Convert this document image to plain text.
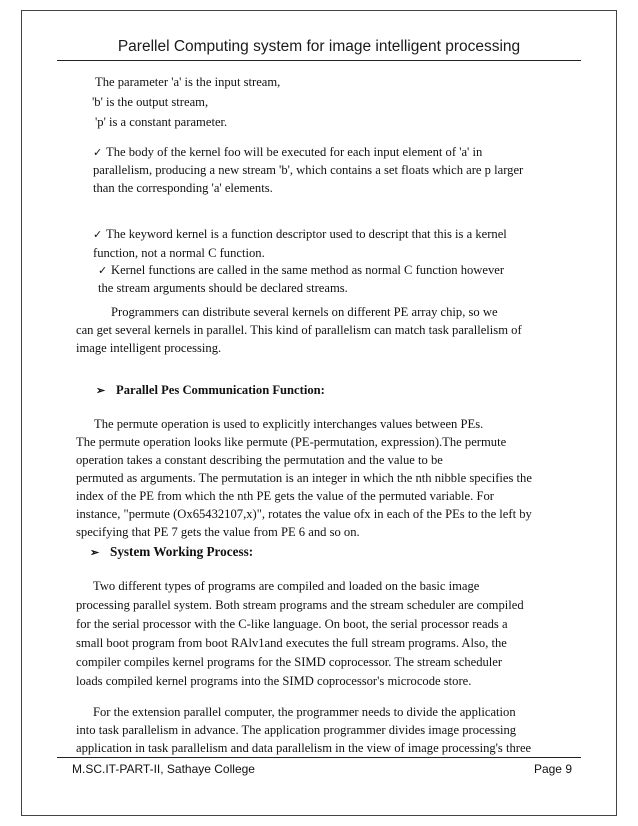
Parellel Computing system for image intelligent processing
The parameter 'a' is the input stream,
'b' is the output stream,
'p' is a constant parameter.
✓ The body of the kernel foo will be executed for each input element of 'a' in
parallelism, producing a new stream 'b', which contains a set floats which are p larger
than the corresponding 'a' elements.
✓ The keyword kernel is a function descriptor used to descript that this is a kernel
function, not a normal C function.
✓ Kernel functions are called in the same method as normal C function however
the stream arguments should be declared streams.
Programmers can distribute several kernels on different PE array chip, so we
can get several kernels in parallel. This kind of parallelism can match task parallelism of
image intelligent processing.
➢ Parallel Pes Communication Function:
The permute operation is used to explicitly interchanges values between PEs.
The permute operation looks like permute (PE-permutation, expression).The permute
operation takes a constant describing the permutation and the value to be
permuted as arguments. The permutation is an integer in which the nth nibble specifies the
index of the PE from which the nth PE gets the value of the permuted variable. For
instance, "permute (Ox65432107,x)", rotates the value ofx in each of the PEs to the left by
specifying that PE 7 gets the value from PE 6 and so on.
➢ System Working Process:
Two different types of programs are compiled and loaded on the basic image
processing parallel system. Both stream programs and the stream scheduler are compiled
for the serial processor with the C-like language. On boot, the serial processor reads a
small boot program from boot RAlv1and executes the full stream programs. Also, the
compiler compiles kernel programs for the SIMD coprocessor. The stream scheduler
loads compiled kernel programs into the SIMD coprocessor's microcode store.
For the extension parallel computer, the programmer needs to divide the application
into task parallelism in advance. The application programmer divides image processing
application in task parallelism and data parallelism in the view of image processing's three
M.SC.IT-PART-II, Sathaye College	Page 9
